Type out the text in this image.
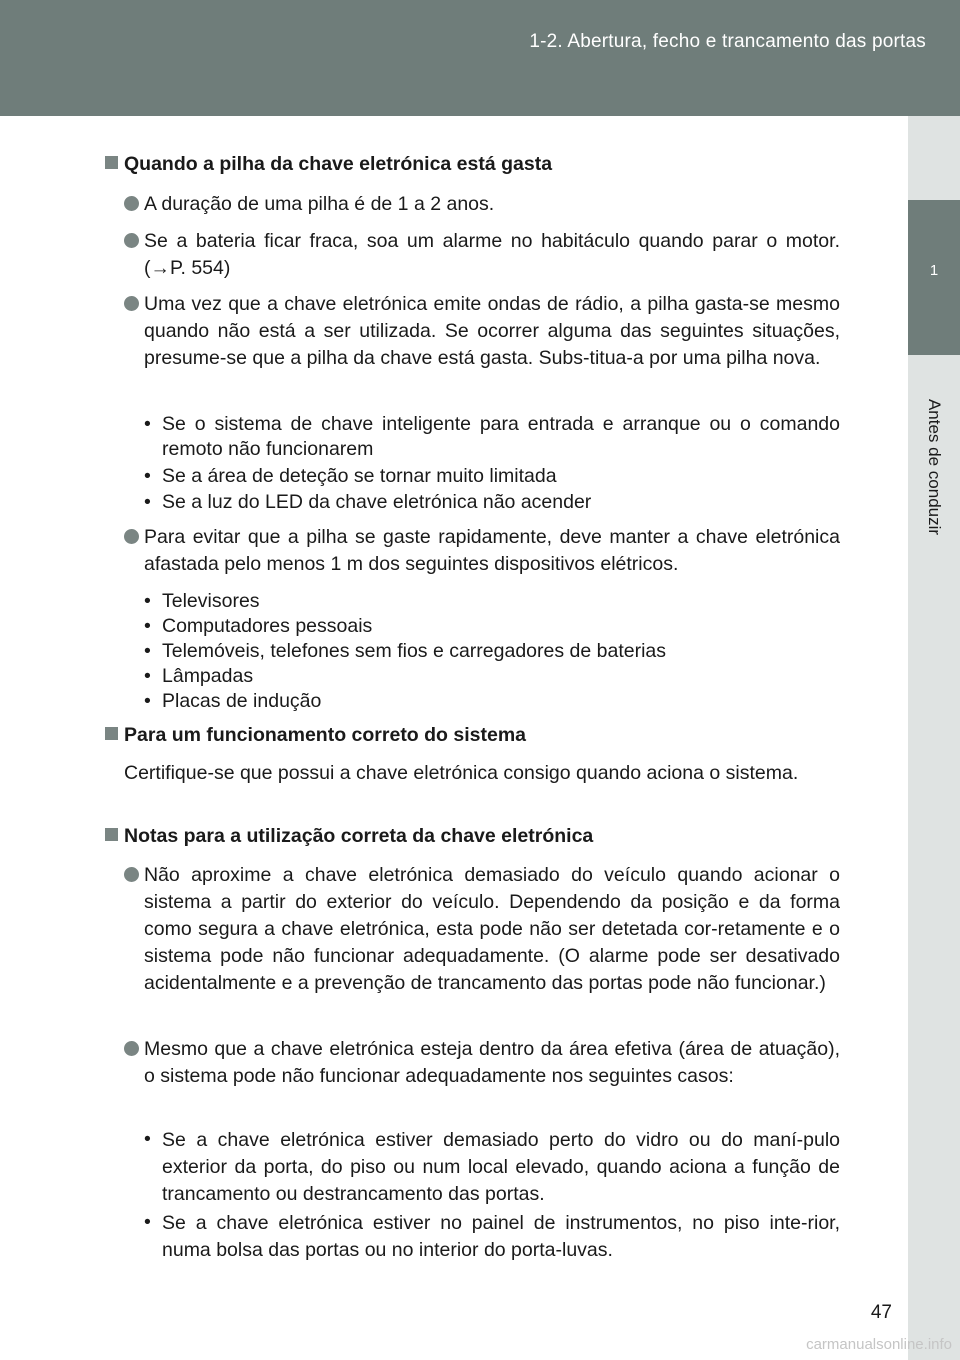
1-2. Abertura, fecho e trancamento das portas
1
Antes de conduzir
Quando a pilha da chave eletrónica está gasta

A duração de uma pilha é de 1 a 2 anos.

Se a bateria ficar fraca, soa um alarme no habitáculo quando parar o motor. (→P. 554)

Uma vez que a chave eletrónica emite ondas de rádio, a pilha gasta-se mesmo quando não está a ser utilizada. Se ocorrer alguma das seguintes situações, presume-se que a pilha da chave está gasta. Subs-titua-a por uma pilha nova.

• Se o sistema de chave inteligente para entrada e arranque ou o comando remoto não funcionarem

• Se a área de deteção se tornar muito limitada

• Se a luz do LED da chave eletrónica não acender

Para evitar que a pilha se gaste rapidamente, deve manter a chave eletrónica afastada pelo menos 1 m dos seguintes dispositivos elétricos.

• Televisores

• Computadores pessoais

• Telemóveis, telefones sem fios e carregadores de baterias

• Lâmpadas

• Placas de indução

Para um funcionamento correto do sistema

Certifique-se que possui a chave eletrónica consigo quando aciona o sistema.

Notas para a utilização correta da chave eletrónica

Não aproxime a chave eletrónica demasiado do veículo quando acionar o sistema a partir do exterior do veículo. Dependendo da posição e da forma como segura a chave eletrónica, esta pode não ser detetada cor-retamente e o sistema pode não funcionar adequadamente. (O alarme pode ser desativado acidentalmente e a prevenção de trancamento das portas pode não funcionar.)

Mesmo que a chave eletrónica esteja dentro da área efetiva (área de atuação), o sistema pode não funcionar adequadamente nos seguintes casos:

• Se a chave eletrónica estiver demasiado perto do vidro ou do maní-pulo exterior da porta, do piso ou num local elevado, quando aciona a função de trancamento ou destrancamento das portas.

• Se a chave eletrónica estiver no painel de instrumentos, no piso inte-rior, numa bolsa das portas ou no interior do porta-luvas.

47
carmanualsonline.info
